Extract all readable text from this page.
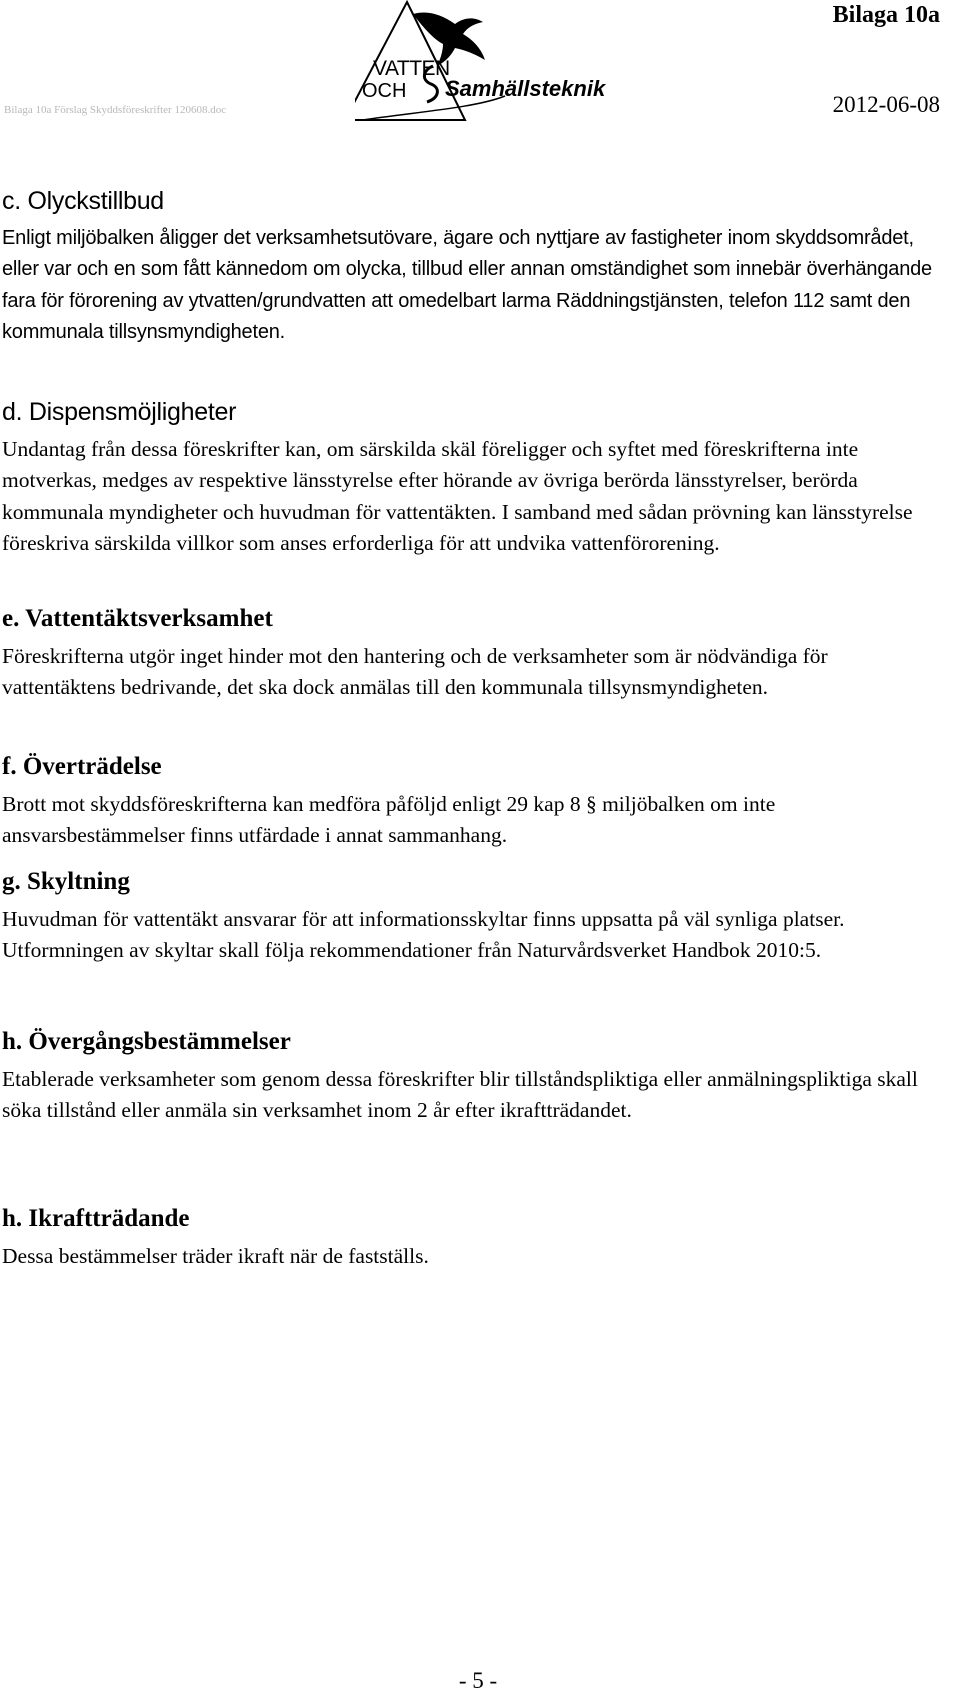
Bilaga 10a Förslag Skyddsföreskrifter 120608.doc
VATTEN
OCH Samhällsteknik
Bilaga 10a
2012-06-08
c. Olyckstillbud

Enligt miljöbalken åligger det verksamhetsutövare, ägare och nyttjare av fastigheter inom skyddsområdet, eller var och en som fått kännedom om olycka, tillbud eller annan omständighet som innebär överhängande fara för förorening av ytvatten/grundvatten att omedelbart larma Räddningstjänsten, telefon 112 samt den kommunala tillsynsmyndigheten.

d. Dispensmöjligheter

Undantag från dessa föreskrifter kan, om särskilda skäl föreligger och syftet med föreskrifterna inte motverkas, medges av respektive länsstyrelse efter hörande av övriga berörda länsstyrelser, berörda kommunala myndigheter och huvudman för vattentäkten. I samband med sådan prövning kan länsstyrelse föreskriva särskilda villkor som anses erforderliga för att undvika vattenförorening.

e. Vattentäktsverksamhet

Föreskrifterna utgör inget hinder mot den hantering och de verksamheter som är nödvändiga för vattentäktens bedrivande, det ska dock anmälas till den kommunala tillsynsmyndigheten.

f. Överträdelse

Brott mot skyddsföreskrifterna kan medföra påföljd enligt 29 kap 8 § miljöbalken om inte ansvarsbestämmelser finns utfärdade i annat sammanhang.

g. Skyltning

Huvudman för vattentäkt ansvarar för att informationsskyltar finns uppsatta på väl synliga platser. Utformningen av skyltar skall följa rekommendationer från Naturvårdsverket Handbok 2010:5.

h. Övergångsbestämmelser

Etablerade verksamheter som genom dessa föreskrifter blir tillståndspliktiga eller anmälningspliktiga skall söka tillstånd eller anmäla sin verksamhet inom 2 år efter ikraftträdandet.

h. Ikraftträdande

Dessa bestämmelser träder ikraft när de fastställs.

- 5 -
